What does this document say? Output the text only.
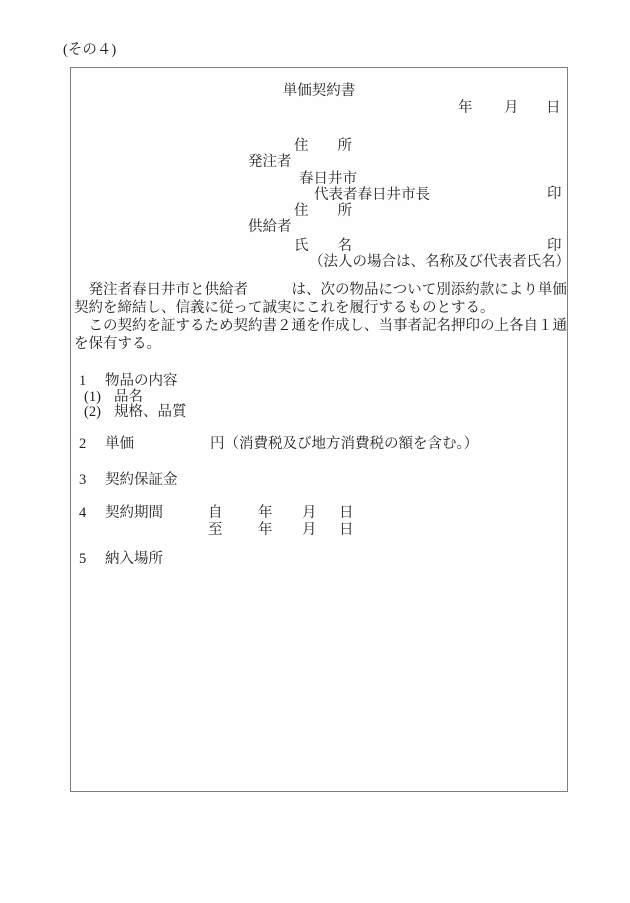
(その４)
単価契約書
年 月 日
住　　所
発注者
春日井市
代表者春日井市長	印
住　　所
供給者
氏　　名	印
（法人の場合は、名称及び代表者氏名）
　発注者春日井市と供給者　　　は、次の物品について別添約款により単価
契約を締結し、信義に従って誠実にこれを履行するものとする。
　この契約を証するため契約書２通を作成し、当事者記名押印の上各自１通
を保有する。
1 物品の内容
(1) 品名
(2) 規格、品質
2 単価	円（消費税及び地方消費税の額を含む。）
3 契約保証金
4 契約期間	自 年 月 日
至 年 月 日
5 納入場所
